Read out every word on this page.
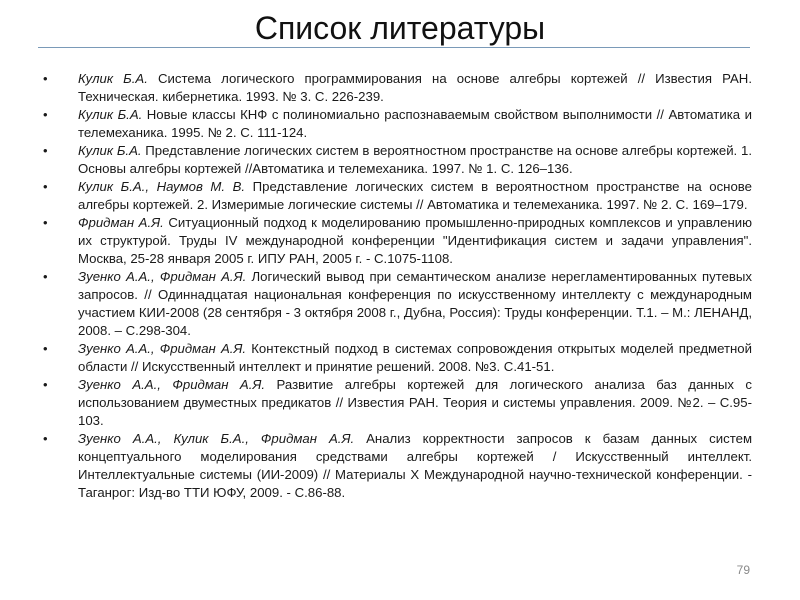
Список литературы
• Кулик Б.А. Система логического программирования на основе алгебры кортежей // Известия РАН. Техническая. кибернетика. 1993. № 3. С. 226-239.
• Кулик Б.А. Новые классы КНФ с полиномиально распознаваемым свойством выполнимости // Автоматика и телемеханика. 1995. № 2. С. 111-124.
• Кулик Б.А. Представление логических систем в вероятностном пространстве на основе алгебры кортежей. 1. Основы алгебры кортежей //Автоматика и телемеханика. 1997. № 1. С. 126–136.
• Кулик Б.А., Наумов М. В. Представление логических систем в вероятностном пространстве на основе алгебры кортежей. 2. Измеримые логические системы // Автоматика и телемеханика. 1997. № 2. С. 169–179.
• Фридман А.Я. Ситуационный подход к моделированию промышленно-природных комплексов и управлению их структурой. Труды IV международной конференции "Идентификация систем и задачи управления". Москва, 25-28 января 2005 г. ИПУ РАН, 2005 г. - С.1075-1108.
• Зуенко А.А., Фридман А.Я. Логический вывод при семантическом анализе нерегламентированных путевых запросов. // Одиннадцатая национальная конференция по искусственному интеллекту с международным участием КИИ-2008 (28 сентября - 3 октября 2008 г., Дубна, Россия): Труды конференции. Т.1. – М.: ЛЕНАНД, 2008. – С.298-304.
• Зуенко А.А., Фридман А.Я. Контекстный подход в системах сопровождения открытых моделей предметной области // Искусственный интеллект и принятие решений. 2008. №3. С.41-51.
• Зуенко А.А., Фридман А.Я. Развитие алгебры кортежей для логического анализа баз данных с использованием двуместных предикатов // Известия РАН. Теория и системы управления. 2009. №2. – С.95-103.
• Зуенко А.А., Кулик Б.А., Фридман А.Я. Анализ корректности запросов к базам данных систем концептуального моделирования средствами алгебры кортежей / Искусственный интеллект. Интеллектуальные системы (ИИ-2009) // Материалы X Международной научно-технической конференции. - Таганрог: Изд-во ТТИ ЮФУ, 2009. - С.86-88.
79
